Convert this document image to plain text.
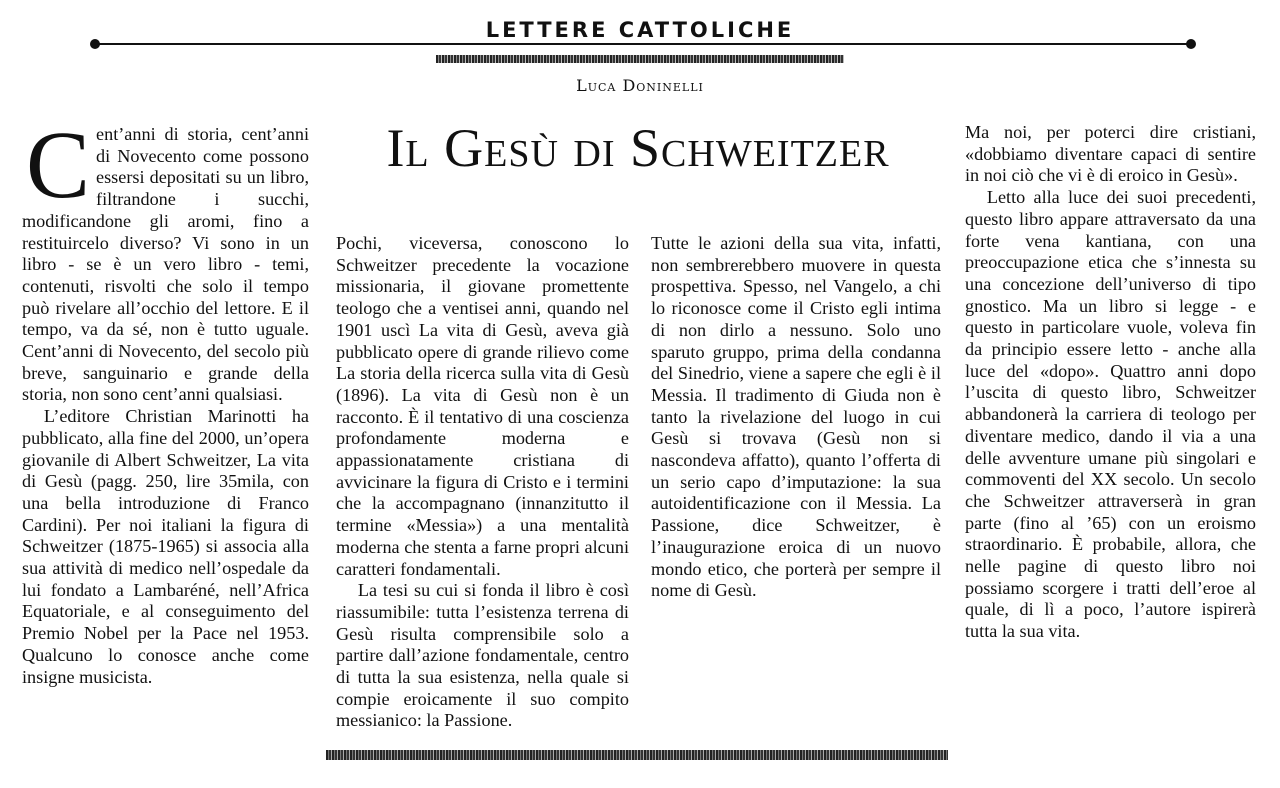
LETTERE CATTOLICHE
Luca Doninelli
Il Gesù di Schweitzer

Cent’anni di storia, cent’anni di Novecento come possono essersi depositati su un libro, filtrandone i succhi, modificandone gli aromi, fino a restituircelo diverso? Vi sono in un libro - se è un vero libro - temi, contenuti, risvolti che solo il tempo può rivelare all’occhio del lettore. E il tempo, va da sé, non è tutto uguale. Cent’anni di Novecento, del secolo più breve, sanguinario e grande della storia, non sono cent’anni qualsiasi.

L’editore Christian Marinotti ha pubblicato, alla fine del 2000, un’opera giovanile di Albert Schweitzer, La vita di Gesù (pagg. 250, lire 35mila, con una bella introduzione di Franco Cardini). Per noi italiani la figura di Schweitzer (1875-1965) si associa alla sua attività di medico nell’ospedale da lui fondato a Lambaréné, nell’Africa Equatoriale, e al conseguimento del Premio Nobel per la Pace nel 1953. Qualcuno lo conosce anche come insigne musicista.

Pochi, viceversa, conoscono lo Schweitzer precedente la vocazione missionaria, il giovane promettente teologo che a ventisei anni, quando nel 1901 uscì La vita di Gesù, aveva già pubblicato opere di grande rilievo come La storia della ricerca sulla vita di Gesù (1896). La vita di Gesù non è un racconto. È il tentativo di una coscienza profondamente moderna e appassionatamente cristiana di avvicinare la figura di Cristo e i termini che la accompagnano (innanzitutto il termine «Messia») a una mentalità moderna che stenta a farne propri alcuni caratteri fondamentali.

La tesi su cui si fonda il libro è così riassumibile: tutta l’esistenza terrena di Gesù risulta comprensibile solo a partire dall’azione fondamentale, centro di tutta la sua esistenza, nella quale si compie eroicamente il suo compito messianico: la Passione.

Tutte le azioni della sua vita, infatti, non sembrerebbero muovere in questa prospettiva. Spesso, nel Vangelo, a chi lo riconosce come il Cristo egli intima di non dirlo a nessuno. Solo uno sparuto gruppo, prima della condanna del Sinedrio, viene a sapere che egli è il Messia. Il tradimento di Giuda non è tanto la rivelazione del luogo in cui Gesù si trovava (Gesù non si nascondeva affatto), quanto l’offerta di un serio capo d’imputazione: la sua autoidentificazione con il Messia. La Passione, dice Schweitzer, è l’inaugurazione eroica di un nuovo mondo etico, che porterà per sempre il nome di Gesù.

Ma noi, per poterci dire cristiani, «dobbiamo diventare capaci di sentire in noi ciò che vi è di eroico in Gesù».

Letto alla luce dei suoi precedenti, questo libro appare attraversato da una forte vena kantiana, con una preoccupazione etica che s’innesta su una concezione dell’universo di tipo gnostico. Ma un libro si legge - e questo in particolare vuole, voleva fin da principio essere letto - anche alla luce del «dopo». Quattro anni dopo l’uscita di questo libro, Schweitzer abbandonerà la carriera di teologo per diventare medico, dando il via a una delle avventure umane più singolari e commoventi del XX secolo. Un secolo che Schweitzer attraverserà in gran parte (fino al ’65) con un eroismo straordinario. È probabile, allora, che nelle pagine di questo libro noi possiamo scorgere i tratti dell’eroe al quale, di lì a poco, l’autore ispirerà tutta la sua vita.
